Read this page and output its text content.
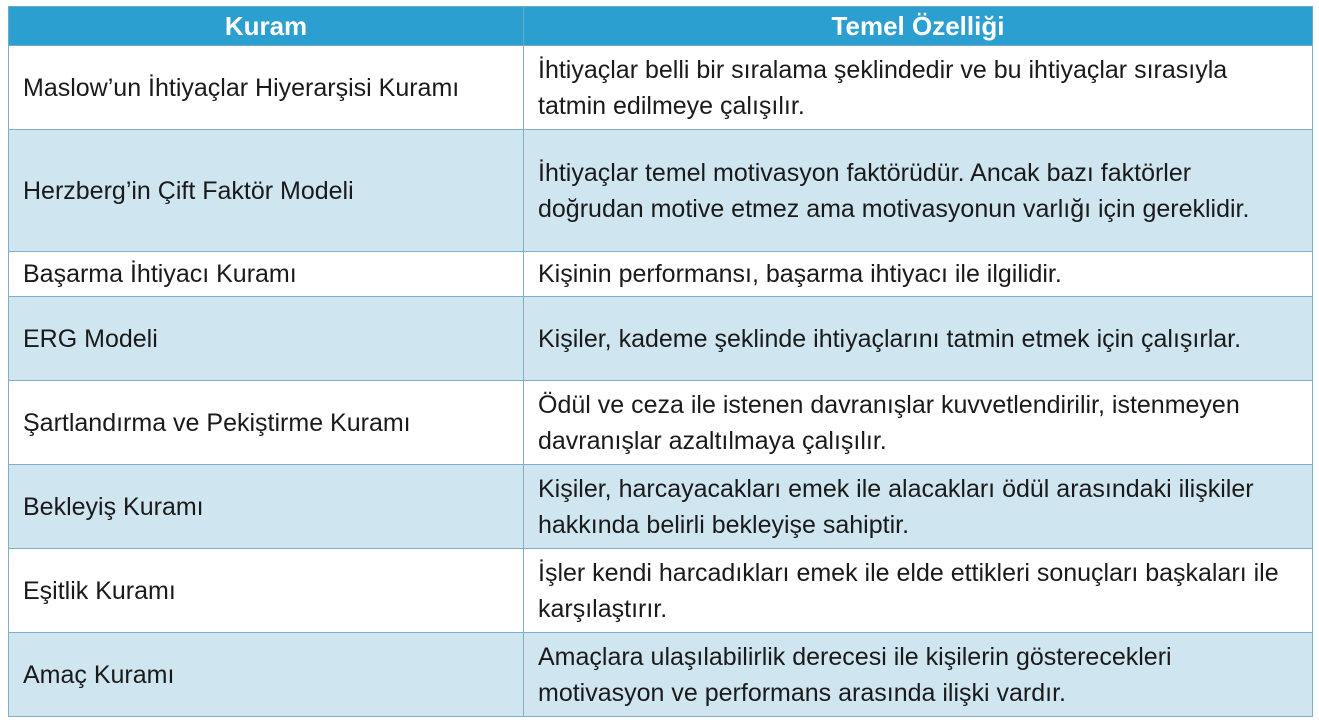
Kuram	Temel Özelliği
Maslow’un İhtiyaçlar Hiyerarşisi Kuramı	İhtiyaçlar belli bir sıralama şeklindedir ve bu ihtiyaçlar sırasıyla tatmin edilmeye çalışılır.
Herzberg’in Çift Faktör Modeli	İhtiyaçlar temel motivasyon faktörüdür. Ancak bazı faktörler doğrudan motive etmez ama motivasyonun varlığı için gereklidir.
Başarma İhtiyacı Kuramı	Kişinin performansı, başarma ihtiyacı ile ilgilidir.
ERG Modeli	Kişiler, kademe şeklinde ihtiyaçlarını tatmin etmek için çalışırlar.
Şartlandırma ve Pekiştirme Kuramı	Ödül ve ceza ile istenen davranışlar kuvvetlendirilir, istenmeyen davranışlar azaltılmaya çalışılır.
Bekleyiş Kuramı	Kişiler, harcayacakları emek ile alacakları ödül arasındaki ilişkiler hakkında belirli bekleyişe sahiptir.
Eşitlik Kuramı	İşler kendi harcadıkları emek ile elde ettikleri sonuçları başkaları ile karşılaştırır.
Amaç Kuramı	Amaçlara ulaşılabilirlik derecesi ile kişilerin gösterecekleri motivasyon ve performans arasında ilişki vardır.
